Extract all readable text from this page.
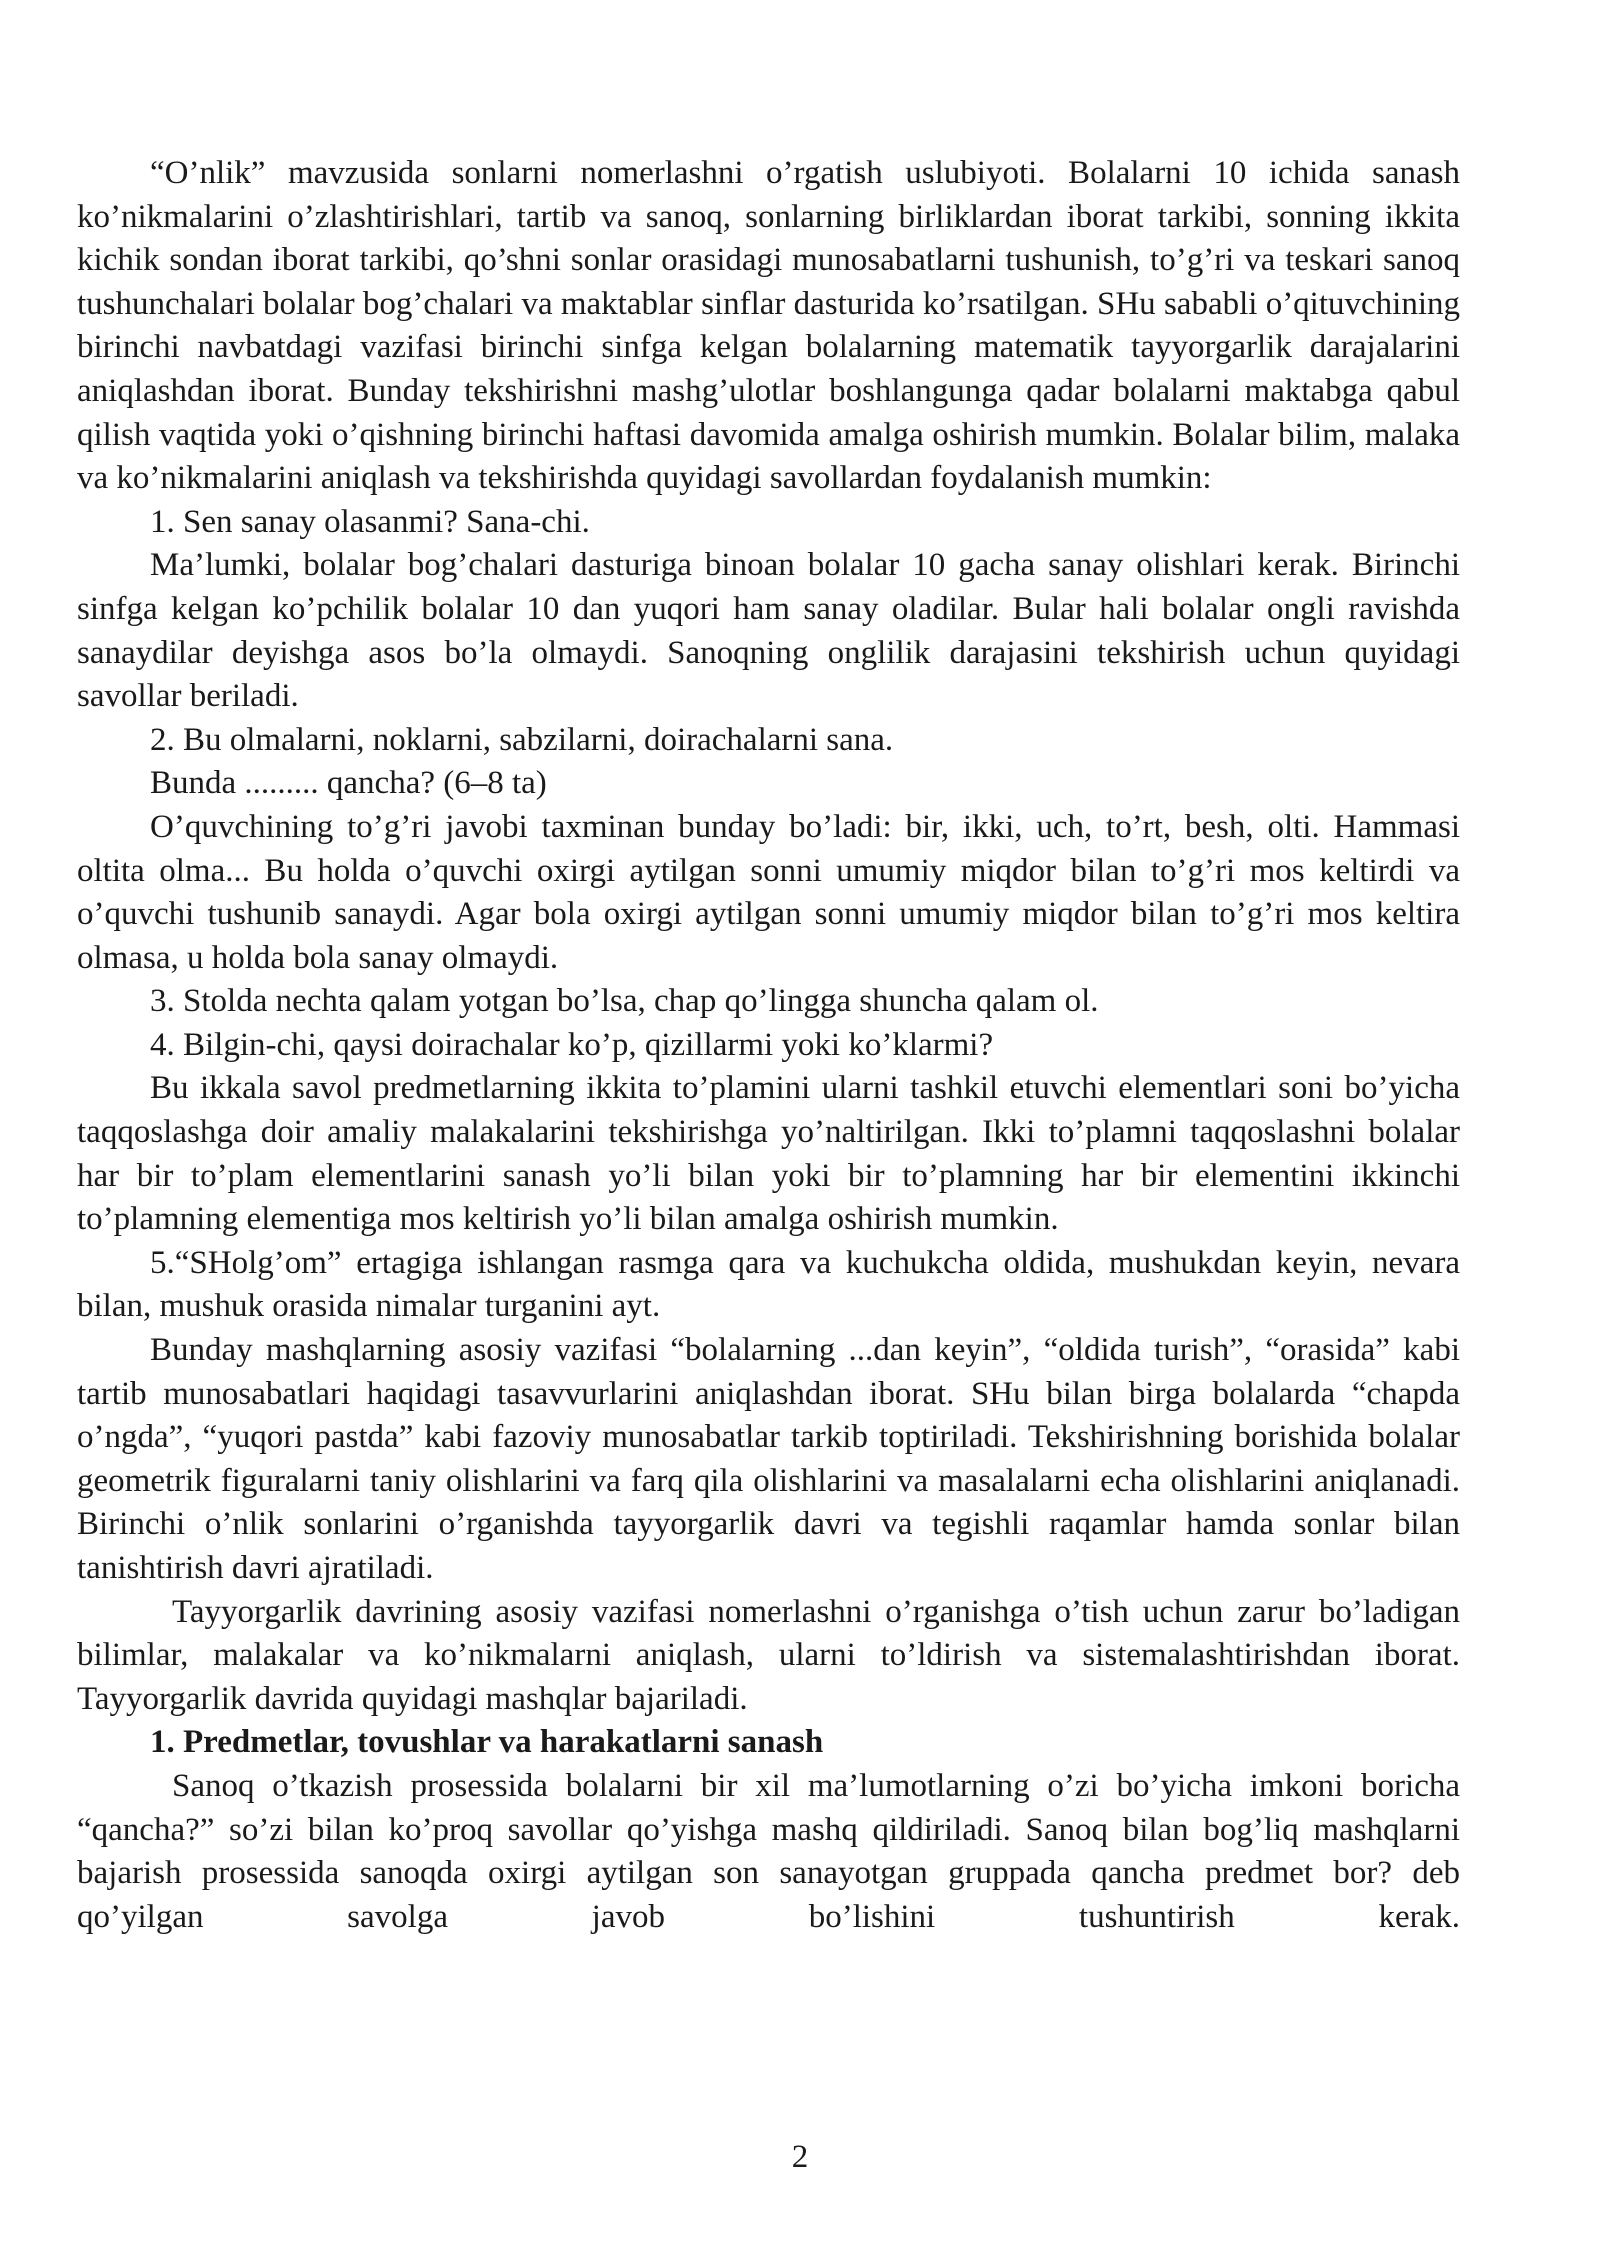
“O’nlik” mavzusida sonlarni nomerlashni o’rgatish uslubiyoti. Bolalarni 10 ichida sanash ko’nikmalarini o’zlashtirishlari, tartib va sanoq, sonlarning birliklardan iborat tarkibi, sonning ikkita kichik sondan iborat tarkibi, qo’shni sonlar orasidagi munosabatlarni tushunish, to’g’ri va teskari sanoq tushunchalari bolalar bog’chalari va maktablar sinflar dasturida ko’rsatilgan. SHu sababli o’qituvchining birinchi navbatdagi vazifasi birinchi sinfga kelgan bolalarning matematik tayyorgarlik darajalarini aniqlashdan iborat. Bunday tekshirishni mashg’ulotlar boshlangunga qadar bolalarni maktabga qabul qilish vaqtida yoki o’qishning birinchi haftasi davomida amalga oshirish mumkin. Bolalar bilim, malaka va ko’nikmalarini aniqlash va tekshirishda quyidagi savollardan foydalanish mumkin:

1. Sen sanay olasanmi? Sana-chi.

Ma’lumki, bolalar bog’chalari dasturiga binoan bolalar 10 gacha sanay olishlari kerak. Birinchi sinfga kelgan ko’pchilik bolalar 10 dan yuqori ham sanay oladilar. Bular hali bolalar ongli ravishda sanaydilar deyishga asos bo’la olmaydi. Sanoqning onglilik darajasini tekshirish uchun quyidagi savollar beriladi.

2. Bu olmalarni, noklarni, sabzilarni, doirachalarni sana.

Bunda ......... qancha? (6–8 ta)

O’quvchining to’g’ri javobi taxminan bunday bo’ladi: bir, ikki, uch, to’rt, besh, olti. Hammasi oltita olma... Bu holda o’quvchi oxirgi aytilgan sonni umumiy miqdor bilan to’g’ri mos keltirdi va o’quvchi tushunib sanaydi. Agar bola oxirgi aytilgan sonni umumiy miqdor bilan to’g’ri mos keltira olmasa, u holda bola sanay olmaydi.

3. Stolda nechta qalam yotgan bo’lsa, chap qo’lingga shuncha qalam ol.

4. Bilgin-chi, qaysi doirachalar ko’p, qizillarmi yoki ko’klarmi?

Bu ikkala savol predmetlarning ikkita to’plamini ularni tashkil etuvchi elementlari soni bo’yicha taqqoslashga doir amaliy malakalarini tekshirishga yo’naltirilgan. Ikki to’plamni taqqoslashni bolalar har bir to’plam elementlarini sanash yo’li bilan yoki bir to’plamning har bir elementini ikkinchi to’plamning elementiga mos keltirish yo’li bilan amalga oshirish mumkin.

5.“SHolg’om” ertagiga ishlangan rasmga qara va kuchukcha oldida, mushukdan keyin, nevara bilan, mushuk orasida nimalar turganini ayt.

Bunday mashqlarning asosiy vazifasi “bolalarning ...dan keyin”, “oldida turish”, “orasida” kabi tartib munosabatlari haqidagi tasavvurlarini aniqlashdan iborat. SHu bilan birga bolalarda “chapda o’ngda”, “yuqori pastda” kabi fazoviy munosabatlar tarkib toptiriladi. Tekshirishning borishida bolalar geometrik figuralarni taniy olishlarini va farq qila olishlarini va masalalarni echa olishlarini aniqlanadi. Birinchi o’nlik sonlarini o’rganishda tayyorgarlik davri va tegishli raqamlar hamda sonlar bilan tanishtirish davri ajratiladi.

Tayyorgarlik davrining asosiy vazifasi nomerlashni o’rganishga o’tish uchun zarur bo’ladigan bilimlar, malakalar va ko’nikmalarni aniqlash, ularni to’ldirish va sistemalashtirishdan iborat. Tayyorgarlik davrida quyidagi mashqlar bajariladi.

1. Predmetlar, tovushlar va harakatlarni sanash

Sanoq o’tkazish prosessida bolalarni bir xil ma’lumotlarning o’zi bo’yicha imkoni boricha “qancha?” so’zi bilan ko’proq savollar qo’yishga mashq qildiriladi. Sanoq bilan bog’liq mashqlarni bajarish prosessida sanoqda oxirgi aytilgan son sanayotgan gruppada qancha predmet bor? deb qo’yilgan savolga javob bo’lishini tushuntirish kerak.

2
